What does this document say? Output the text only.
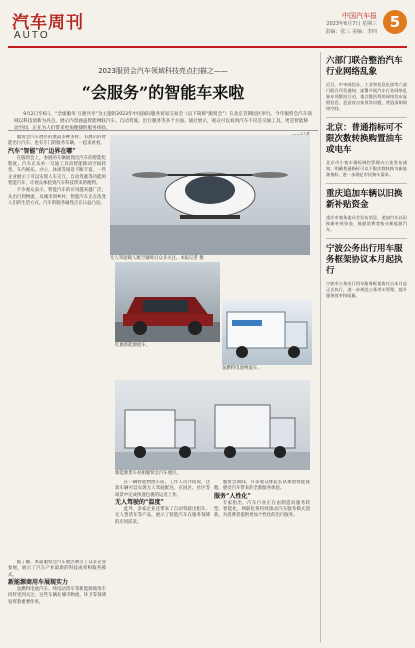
汽车周刊
AUTO
中国汽车报
2023年6月7日 星期三
责编：张三 美编：李四
5
2023服贸会汽车领域科技亮点扫描之——
“会服务”的智能车来啦
9月2日至6日，“全球服务 互惠共享”为主题的2023年中国国际服务贸易交易会（以下简称“服贸会”）在北京首钢园区举行。今年服贸会汽车领域以科技创新为亮点，展示内容涵盖智能网联汽车、自动驾驶、出行服务等多个方面。通过展示，观众可以看到汽车不仅是交通工具，更是智能移动空间，正在为人们带来更加便捷的服务体验。
无人驾驶载人航空器吸引众多关注。本报记者 摄
红旗新能源展车。
氢燃料电池物流车。
新能源货车亮相服贸会汽车展区。

服贸会汽车展区的展品多种多样，有展示的智能出行汽车、也有专门的服务车辆，一起来看看。

汽车“智能”的“边界在哪”

在服贸会上，参展的车辆展现出汽车的智能化程度。汽车正从单一交通工具向智能移动空间转变，车内娱乐、办公、休闲等场景不断丰富。一些企业展示了可以实现人车交互、自动驾驶等功能的智能汽车，让观众体验到汽车科技带来的便利。

不少观众表示，智能汽车的应用越来越广泛，从出行到物流，从城市到乡村，智能汽车正在改变人们的生活方式。汽车的服务属性正在日益凸显。

在一辆智能物流车前，工作人员介绍说，这款车辆可以实现无人驾驶配送，在园区、社区等场景中完成快递包裹的运送工作。

无人驾驶的“温度”

此外，多家企业还带来了自动驾驶出租车、无人售货车等产品，展示了智能汽车在服务领域的应用前景。

服贸会期间，许多观众排起长队体验智能座舱，感受汽车带来的全新服务体验。

服务“人性化”

专家指出，汽车行业正在由制造向服务转型，智能化、网联化将持续推动汽车服务模式创新，为消费者提供更加个性化的出行服务。

六部门联合整治汽车行业网络乱象
近日，中央网信办、工业和信息化部等六部门联合印发通知，部署开展汽车行业网络乱象专项整治行动，重点整治利用网络发布虚假信息、恶意攻击抹黑等问题，营造清朗网络空间。
北京：普通指标可不限次数转换购置油车或电车
北京市小客车指标调控管理办公室发布通知，明确普通指标可以不限次数转换为新能源指标，进一步满足市民购车需求。
重庆追加车辆以旧换新补贴资金
重庆市商务委员会发布消息，追加汽车以旧换新补贴资金，鼓励消费者购买新能源汽车。
宁波公务出行用车服务框架协议本月起执行
宁波市公务出行用车服务框架协议自本月起正式执行，进一步规范公务用车管理，提升服务效率和质量。

据了解，本届服贸会汽车展区吸引了众多企业参展，展示了汽车产业最新的科技成果和服务模式。

新能源商用车展现实力

氢燃料电池汽车、纯电动货车等新能源商用车同样受到关注，这些车辆在城市物流、环卫等领域发挥着重要作用。
